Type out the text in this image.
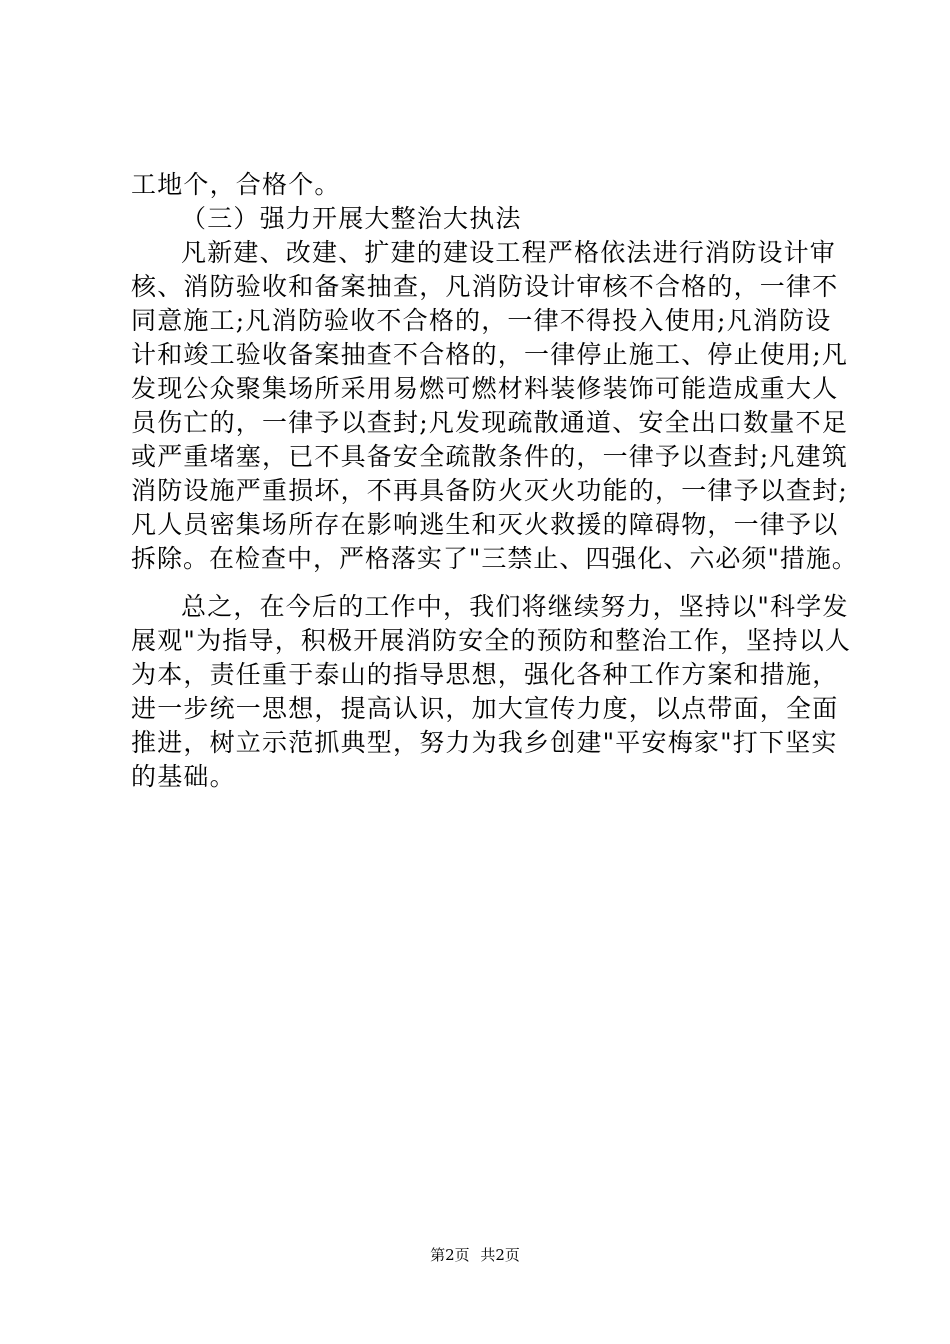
工地个，合格个。
（三）强力开展大整治大执法
凡新建、改建、扩建的建设工程严格依法进行消防设计审
核、消防验收和备案抽查，凡消防设计审核不合格的，一律不
同意施工;凡消防验收不合格的，一律不得投入使用;凡消防设
计和竣工验收备案抽查不合格的，一律停止施工、停止使用;凡
发现公众聚集场所采用易燃可燃材料装修装饰可能造成重大人
员伤亡的，一律予以查封;凡发现疏散通道、安全出口数量不足
或严重堵塞，已不具备安全疏散条件的，一律予以查封;凡建筑
消防设施严重损坏，不再具备防火灭火功能的，一律予以查封;
凡人员密集场所存在影响逃生和灭火救援的障碍物，一律予以
拆除。在检查中，严格落实了"三禁止、四强化、六必须"措施。
总之，在今后的工作中，我们将继续努力，坚持以"科学发
展观"为指导，积极开展消防安全的预防和整治工作，坚持以人
为本，责任重于泰山的指导思想，强化各种工作方案和措施，
进一步统一思想，提高认识，加大宣传力度，以点带面，全面
推进，树立示范抓典型，努力为我乡创建"平安梅家"打下坚实
的基础。
第2页 共2页
